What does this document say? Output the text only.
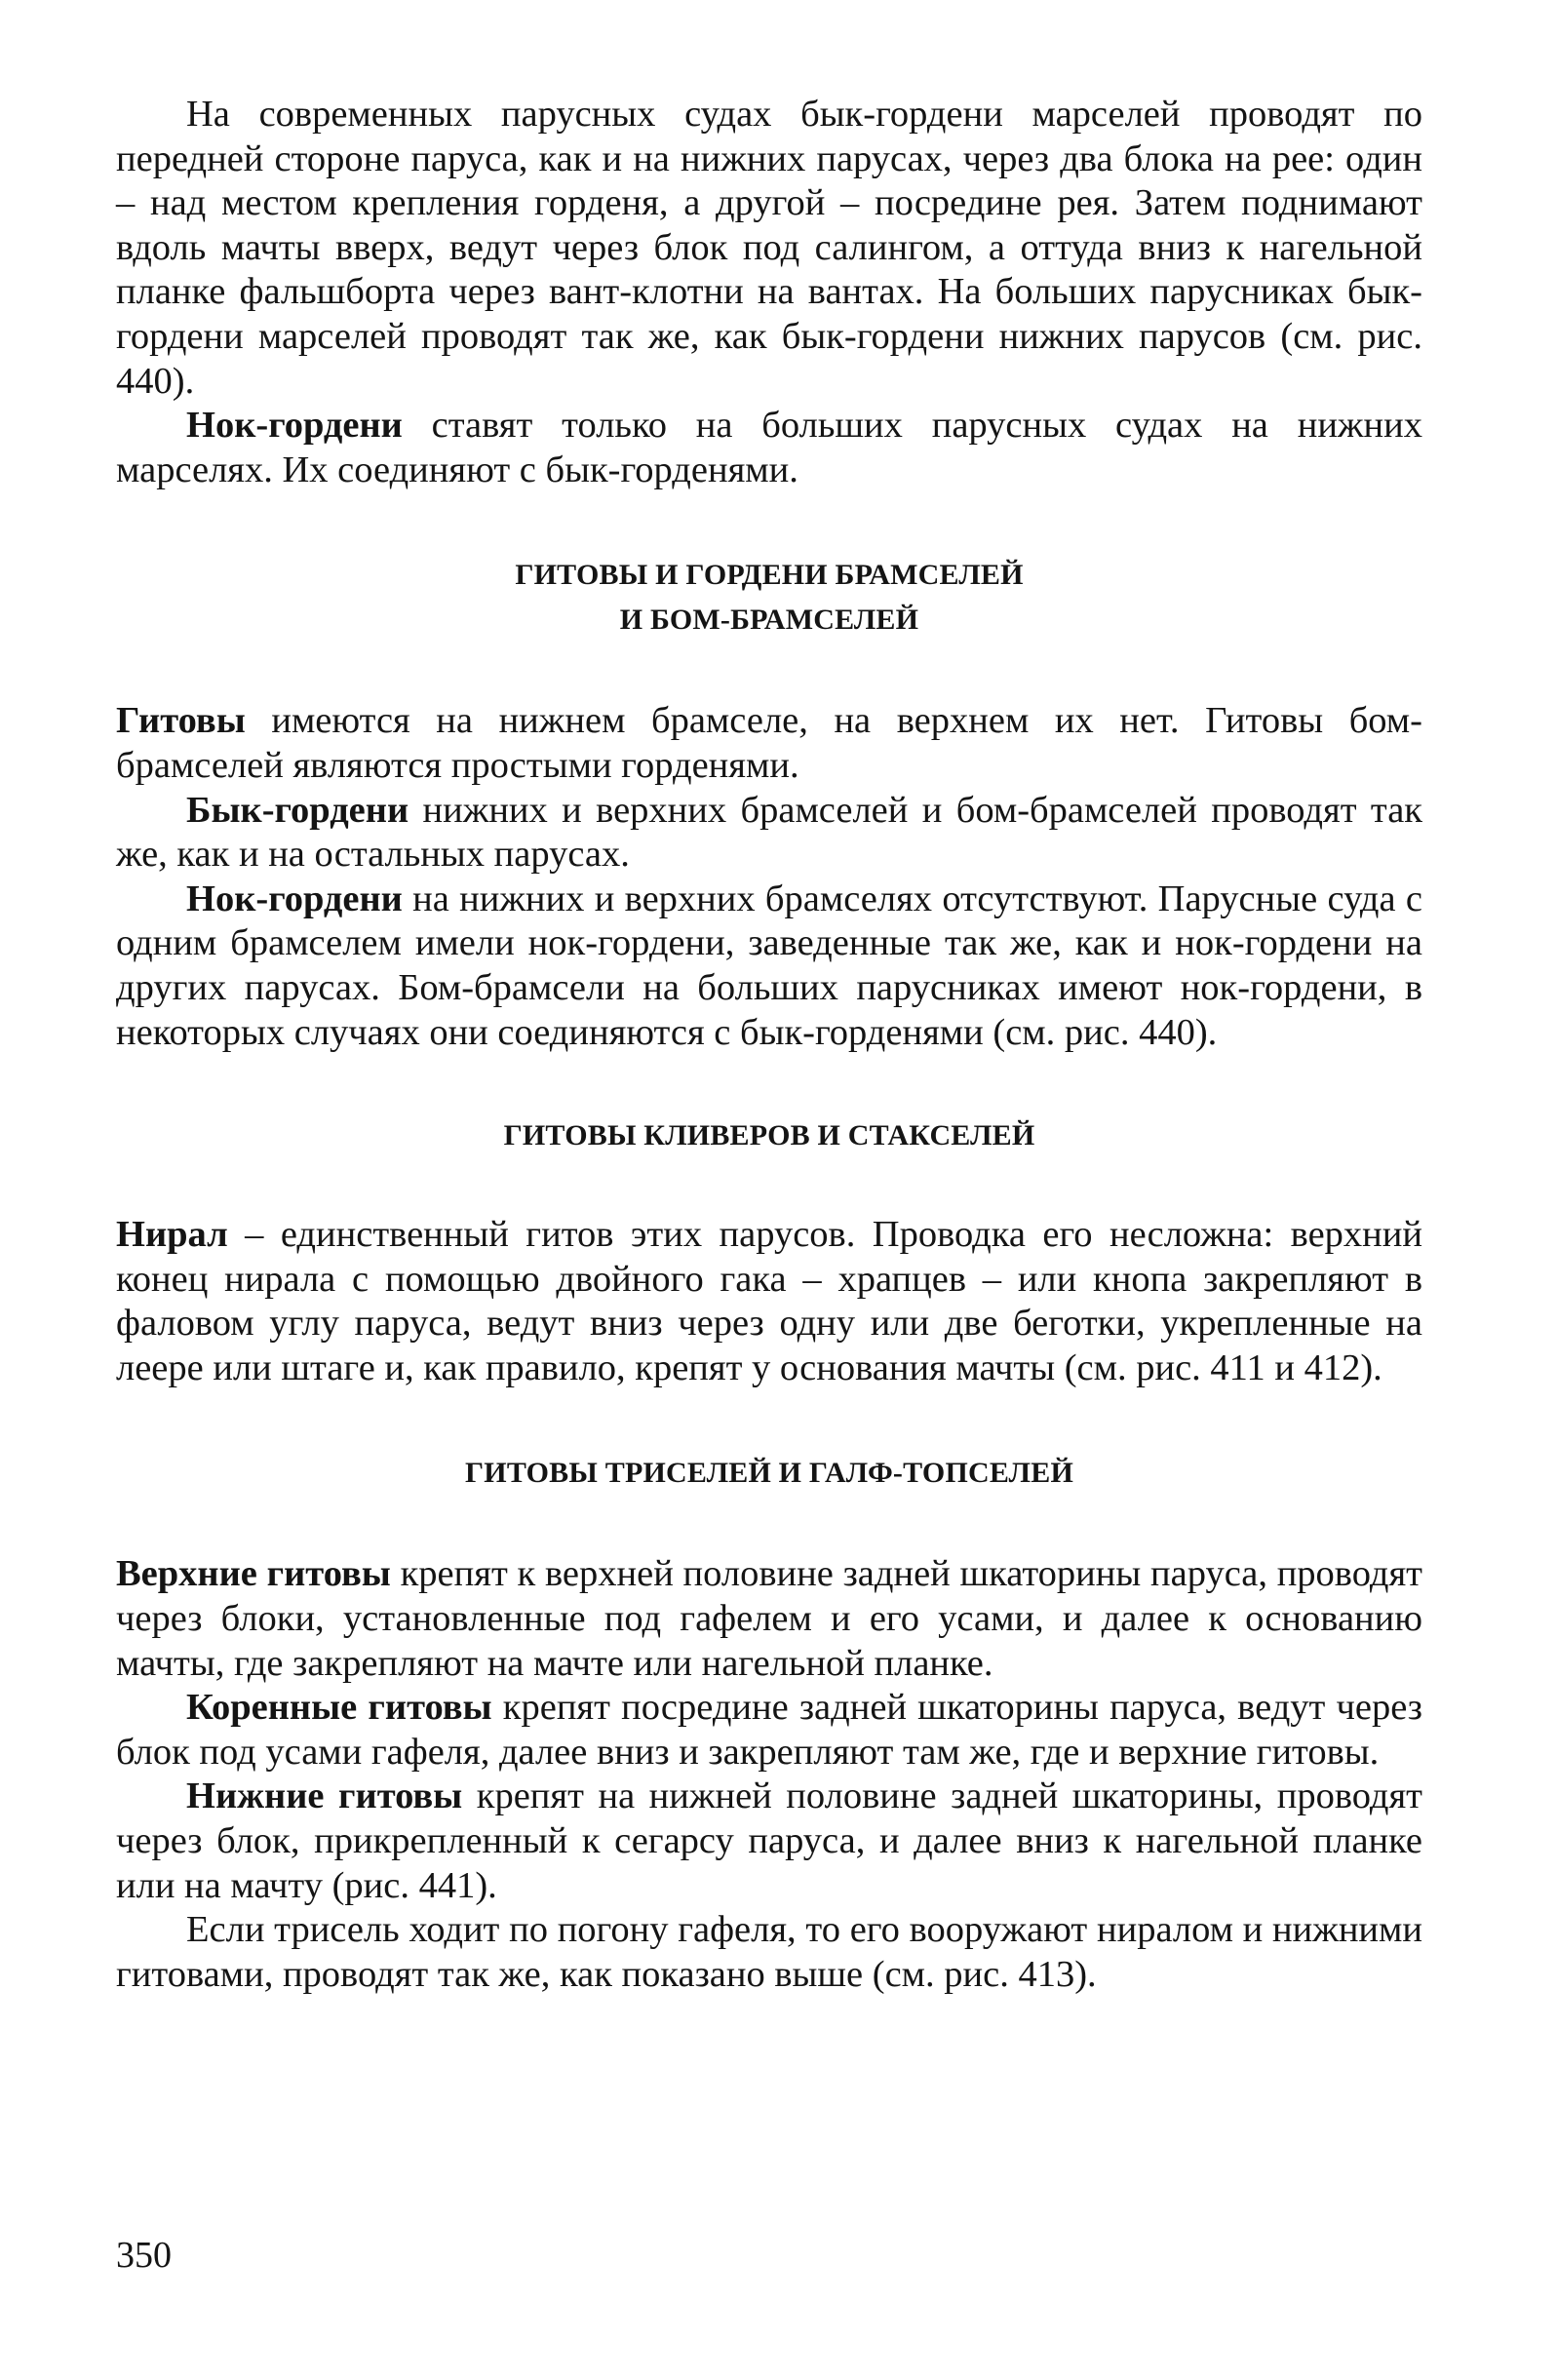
На современных парусных судах бык-гордени марселей проводят по передней стороне паруса, как и на нижних парусах, через два блока на рее: один – над местом крепления горденя, а другой – посредине рея. Затем поднимают вдоль мачты вверх, ведут через блок под салингом, а оттуда вниз к нагельной планке фальшборта через вант-клотни на вантах. На больших парусниках бык-гордени марселей проводят так же, как бык-гордени нижних парусов (см. рис. 440).

Нок-гордени ставят только на больших парусных судах на нижних марселях. Их соединяют с бык-горденями.

ГИТОВЫ И ГОРДЕНИ БРАМСЕЛЕЙ
И БОМ-БРАМСЕЛЕЙ

Гитовы имеются на нижнем брамселе, на верхнем их нет. Гитовы бом-брамселей являются простыми горденями.

Бык-гордени нижних и верхних брамселей и бом-брамселей проводят так же, как и на остальных парусах.

Нок-гордени на нижних и верхних брамселях отсутствуют. Парусные суда с одним брамселем имели нок-гордени, заведенные так же, как и нок-гордени на других парусах. Бом-брамсели на больших парусниках имеют нок-гордени, в некоторых случаях они соединяются с бык-горденями (см. рис. 440).

ГИТОВЫ КЛИВЕРОВ И СТАКСЕЛЕЙ

Нирал – единственный гитов этих парусов. Проводка его несложна: верхний конец нирала с помощью двойного гака – храпцев – или кнопа закрепляют в фаловом углу паруса, ведут вниз через одну или две беготки, укрепленные на леере или штаге и, как правило, крепят у основания мачты (см. рис. 411 и 412).

ГИТОВЫ ТРИСЕЛЕЙ И ГАЛФ-ТОПСЕЛЕЙ

Верхние гитовы крепят к верхней половине задней шкаторины паруса, проводят через блоки, установленные под гафелем и его усами, и далее к основанию мачты, где закрепляют на мачте или нагельной планке.

Коренные гитовы крепят посредине задней шкаторины паруса, ведут через блок под усами гафеля, далее вниз и закрепляют там же, где и верхние гитовы.

Нижние гитовы крепят на нижней половине задней шкаторины, проводят через блок, прикрепленный к сегарсу паруса, и далее вниз к нагельной планке или на мачту (рис. 441).

Если трисель ходит по погону гафеля, то его вооружают ниралом и нижними гитовами, проводят так же, как показано выше (см. рис. 413).

350
